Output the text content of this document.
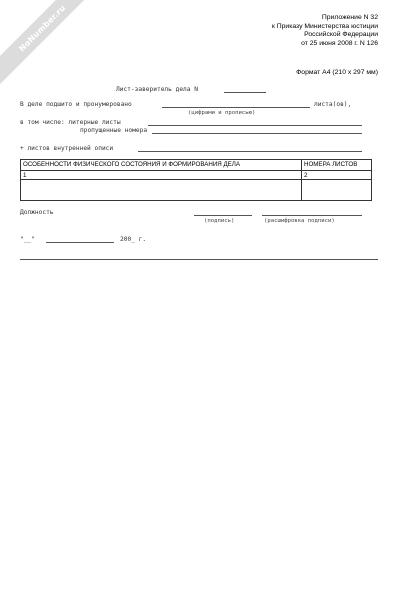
NoNumber.ru	Приложение N 32
к Приказу Министерства юстиции
Российской Федерации
от 25 июня 2008 г. N 126
Формат А4 (210 x 297 мм)
Лист-заверитель дела N
В деле подшито и пронумеровано	листа(ов),
(цифрами и прописью)
в том числе: литерные листы
пропущенные номера
+ листов внутренней описи
ОСОБЕННОСТИ ФИЗИЧЕСКОГО СОСТОЯНИЯ И ФОРМИРОВАНИЯ ДЕЛА	НОМЕРА ЛИСТОВ
1	2

Должность
(подпись)	(расшифровка подписи)
"__"	200_ г.
